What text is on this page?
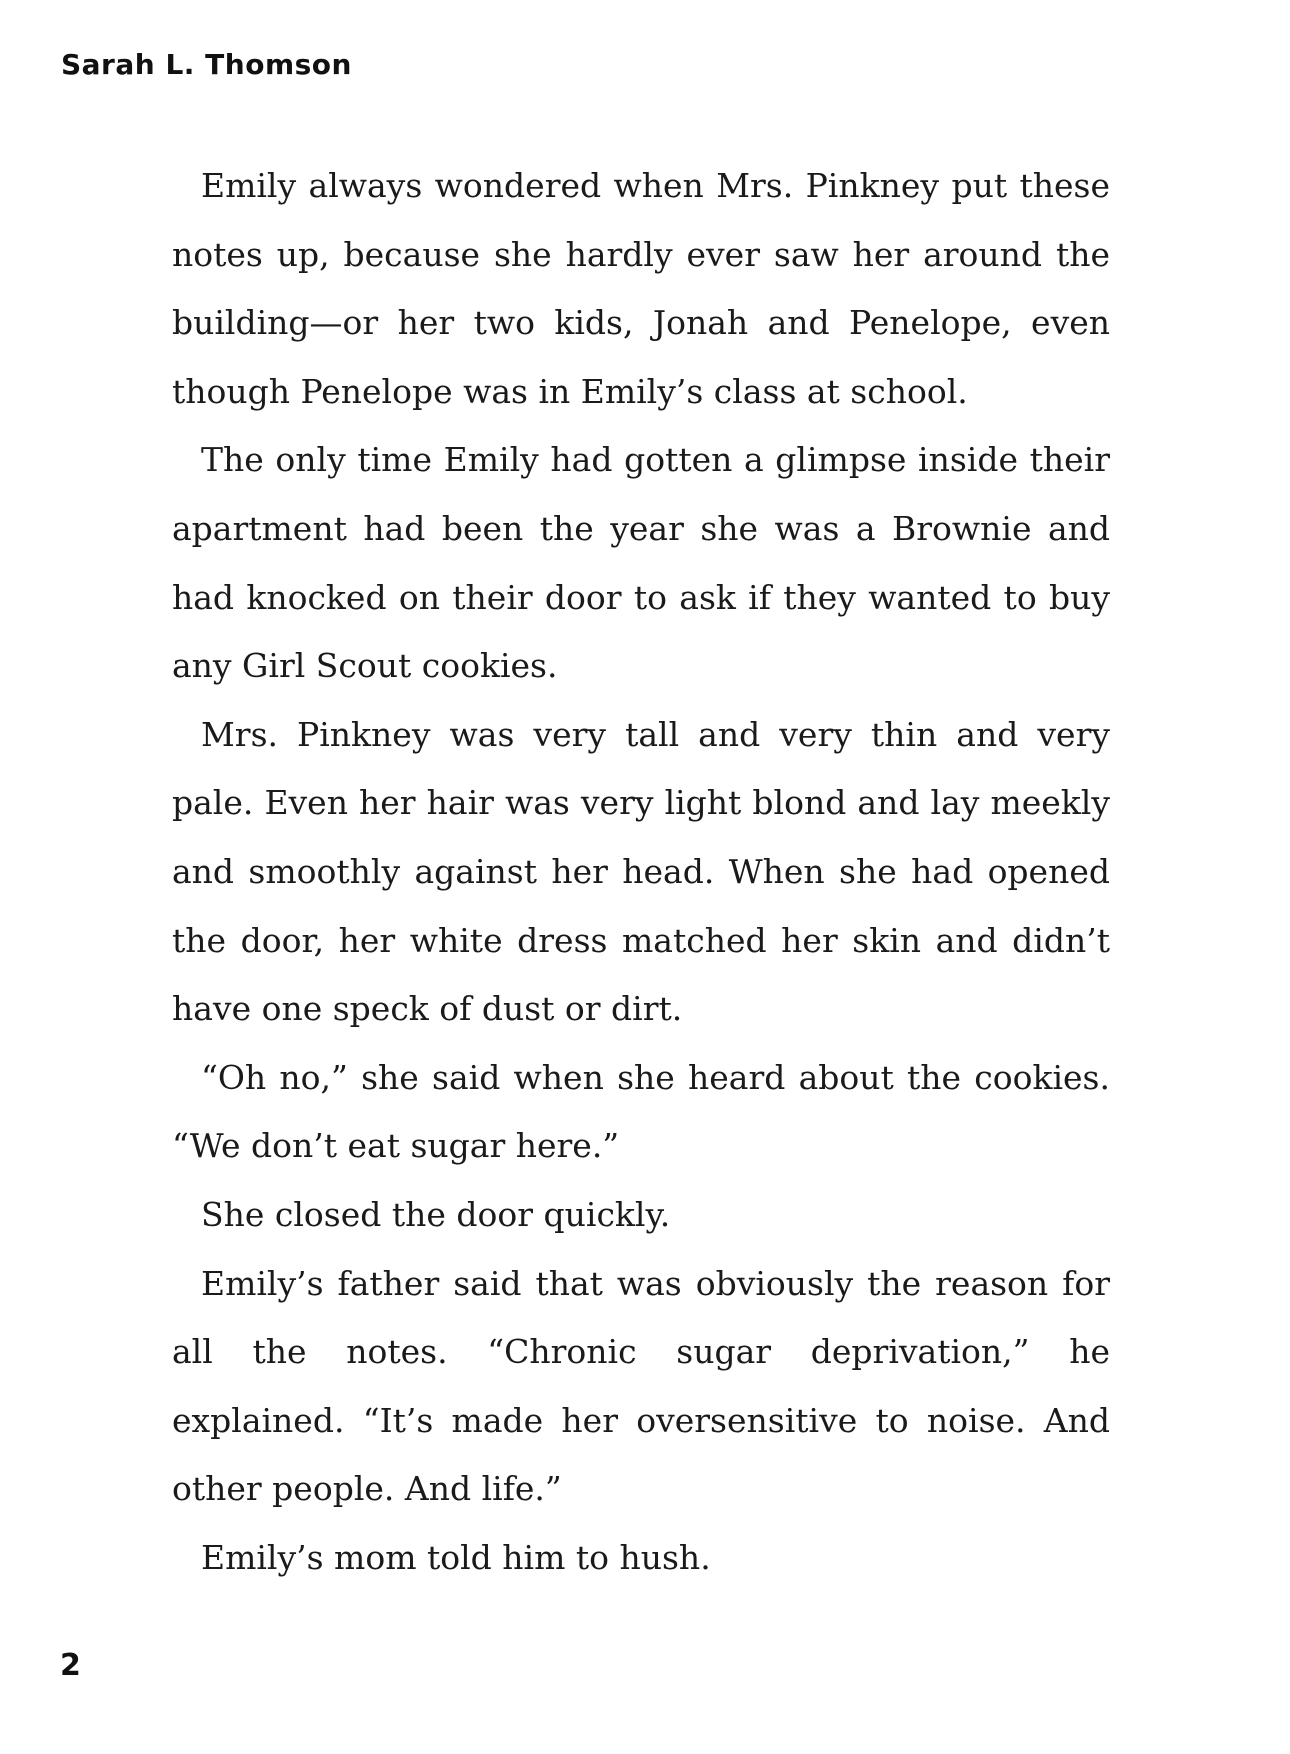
Sarah L. Thomson

Emily always wondered when Mrs. Pinkney put these notes up, because she hardly ever saw her around the building—or her two kids, Jonah and Penelope, even though Penelope was in Emily’s class at school.

The only time Emily had gotten a glimpse inside their apartment had been the year she was a Brownie and had knocked on their door to ask if they wanted to buy any Girl Scout cookies.

Mrs. Pinkney was very tall and very thin and very pale. Even her hair was very light blond and lay meekly and smoothly against her head. When she had opened the door, her white dress matched her skin and didn’t have one speck of dust or dirt.

“Oh no,” she said when she heard about the cookies. “We don’t eat sugar here.”

She closed the door quickly.

Emily’s father said that was obviously the reason for all the notes. “Chronic sugar deprivation,” he explained. “It’s made her oversensitive to noise. And other people. And life.”

Emily’s mom told him to hush.

2
